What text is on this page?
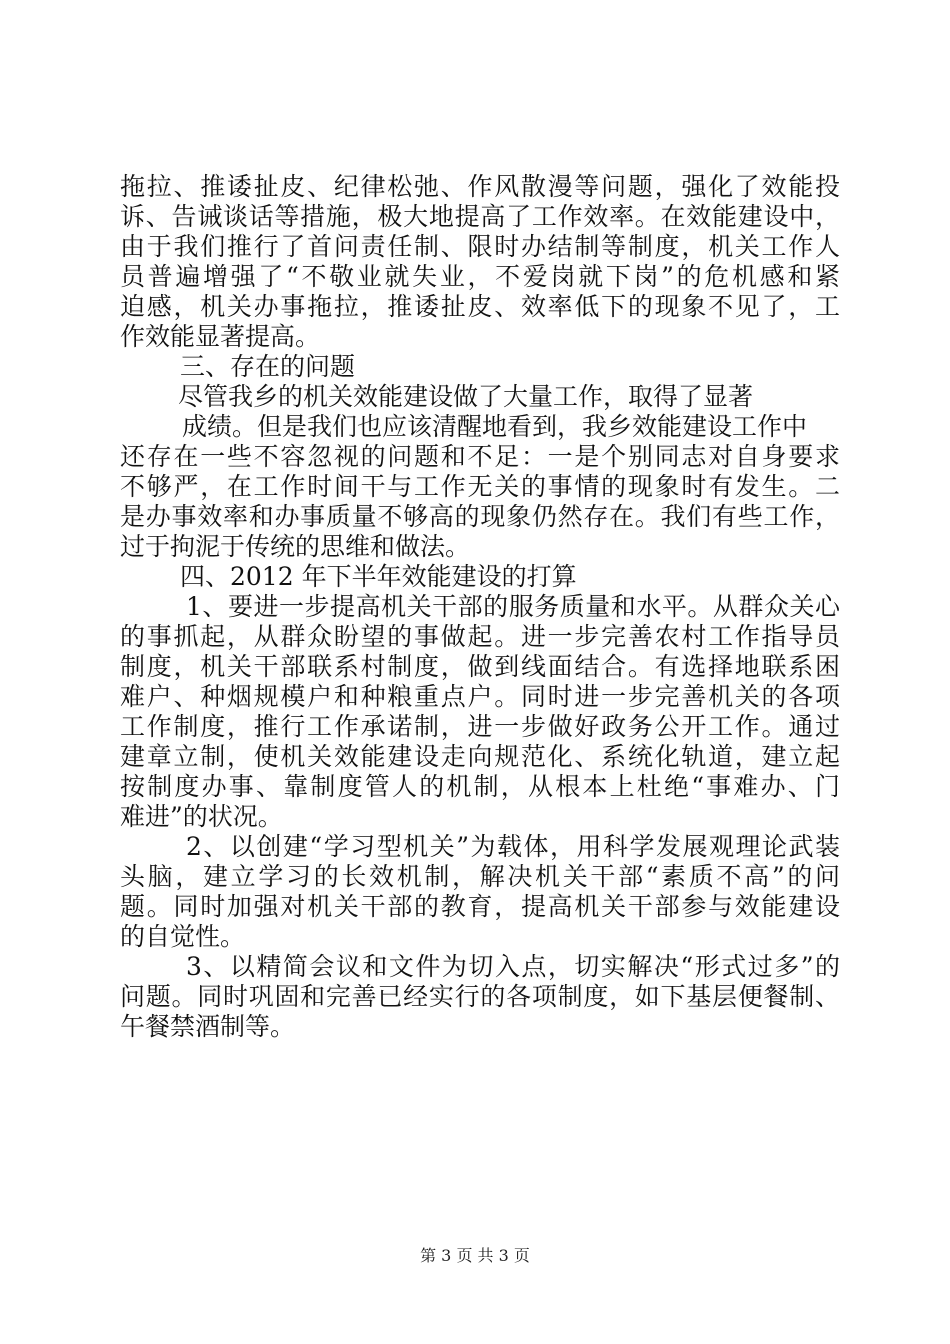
拖拉、推诿扯皮、纪律松弛、作风散漫等问题，强化了效能投

诉、告诫谈话等措施，极大地提高了工作效率。在效能建设中，

由于我们推行了首问责任制、限时办结制等制度，机关工作人

员普遍增强了“不敬业就失业，不爱岗就下岗”的危机感和紧

迫感，机关办事拖拉，推诿扯皮、效率低下的现象不见了，工

作效能显著提高。

三、存在的问题

尽管我乡的机关效能建设做了大量工作，取得了显著

成绩。但是我们也应该清醒地看到，我乡效能建设工作中

还存在一些不容忽视的问题和不足：一是个别同志对自身要求

不够严，在工作时间干与工作无关的事情的现象时有发生。二

是办事效率和办事质量不够高的现象仍然存在。我们有些工作，

过于拘泥于传统的思维和做法。

四、2012 年下半年效能建设的打算

1、要进一步提高机关干部的服务质量和水平。从群众关心

的事抓起，从群众盼望的事做起。进一步完善农村工作指导员

制度，机关干部联系村制度，做到线面结合。有选择地联系困

难户、种烟规模户和种粮重点户。同时进一步完善机关的各项

工作制度，推行工作承诺制，进一步做好政务公开工作。通过

建章立制，使机关效能建设走向规范化、系统化轨道，建立起

按制度办事、靠制度管人的机制，从根本上杜绝“事难办、门

难进”的状况。

2、以创建“学习型机关”为载体，用科学发展观理论武装

头脑，建立学习的长效机制，解决机关干部“素质不高”的问

题。同时加强对机关干部的教育，提高机关干部参与效能建设

的自觉性。

3、以精简会议和文件为切入点，切实解决“形式过多”的

问题。同时巩固和完善已经实行的各项制度，如下基层便餐制、

午餐禁酒制等。

第 3 页 共 3 页
